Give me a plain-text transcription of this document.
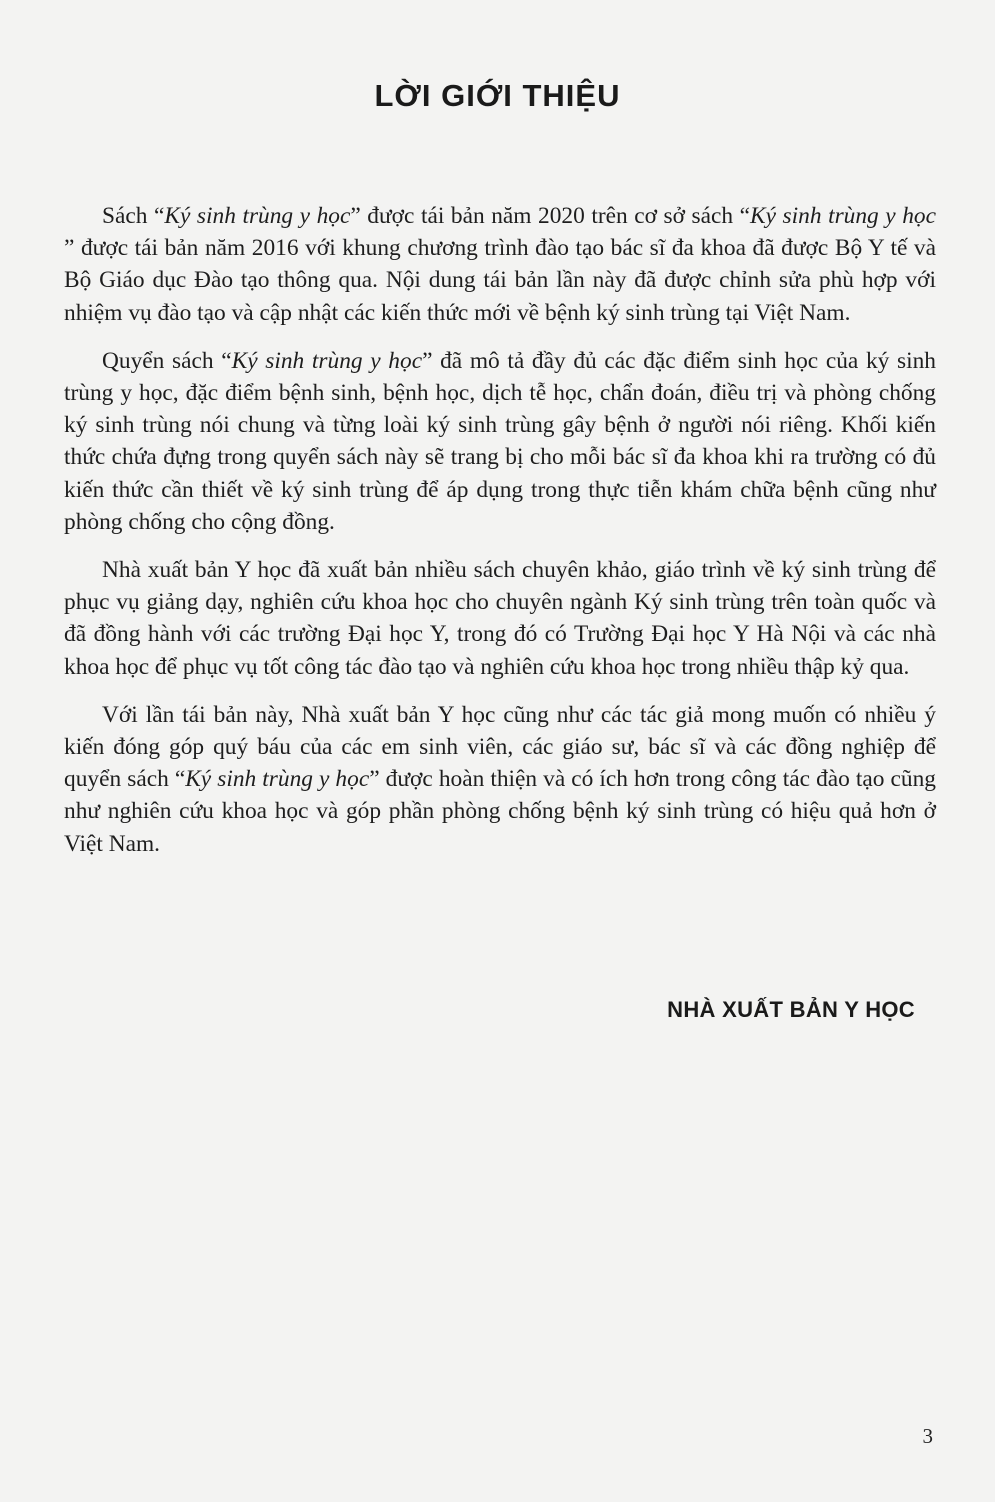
LỜI GIỚI THIỆU

Sách “Ký sinh trùng y học” được tái bản năm 2020 trên cơ sở sách “Ký sinh trùng y học ” được tái bản năm 2016 với khung chương trình đào tạo bác sĩ đa khoa đã được Bộ Y tế và Bộ Giáo dục Đào tạo thông qua. Nội dung tái bản lần này đã được chỉnh sửa phù hợp với nhiệm vụ đào tạo và cập nhật các kiến thức mới về bệnh ký sinh trùng tại Việt Nam.

Quyển sách “Ký sinh trùng y học” đã mô tả đầy đủ các đặc điểm sinh học của ký sinh trùng y học, đặc điểm bệnh sinh, bệnh học, dịch tễ học, chẩn đoán, điều trị và phòng chống ký sinh trùng nói chung và từng loài ký sinh trùng gây bệnh ở người nói riêng. Khối kiến thức chứa đựng trong quyển sách này sẽ trang bị cho mỗi bác sĩ đa khoa khi ra trường có đủ kiến thức cần thiết về ký sinh trùng để áp dụng trong thực tiễn khám chữa bệnh cũng như phòng chống cho cộng đồng.

Nhà xuất bản Y học đã xuất bản nhiều sách chuyên khảo, giáo trình về ký sinh trùng để phục vụ giảng dạy, nghiên cứu khoa học cho chuyên ngành Ký sinh trùng trên toàn quốc và đã đồng hành với các trường Đại học Y, trong đó có Trường Đại học Y Hà Nội và các nhà khoa học để phục vụ tốt công tác đào tạo và nghiên cứu khoa học trong nhiều thập kỷ qua.

Với lần tái bản này, Nhà xuất bản Y học cũng như các tác giả mong muốn có nhiều ý kiến đóng góp quý báu của các em sinh viên, các giáo sư, bác sĩ và các đồng nghiệp để quyển sách “Ký sinh trùng y học” được hoàn thiện và có ích hơn trong công tác đào tạo cũng như nghiên cứu khoa học và góp phần phòng chống bệnh ký sinh trùng có hiệu quả hơn ở Việt Nam.

NHÀ XUẤT BẢN Y HỌC

3
